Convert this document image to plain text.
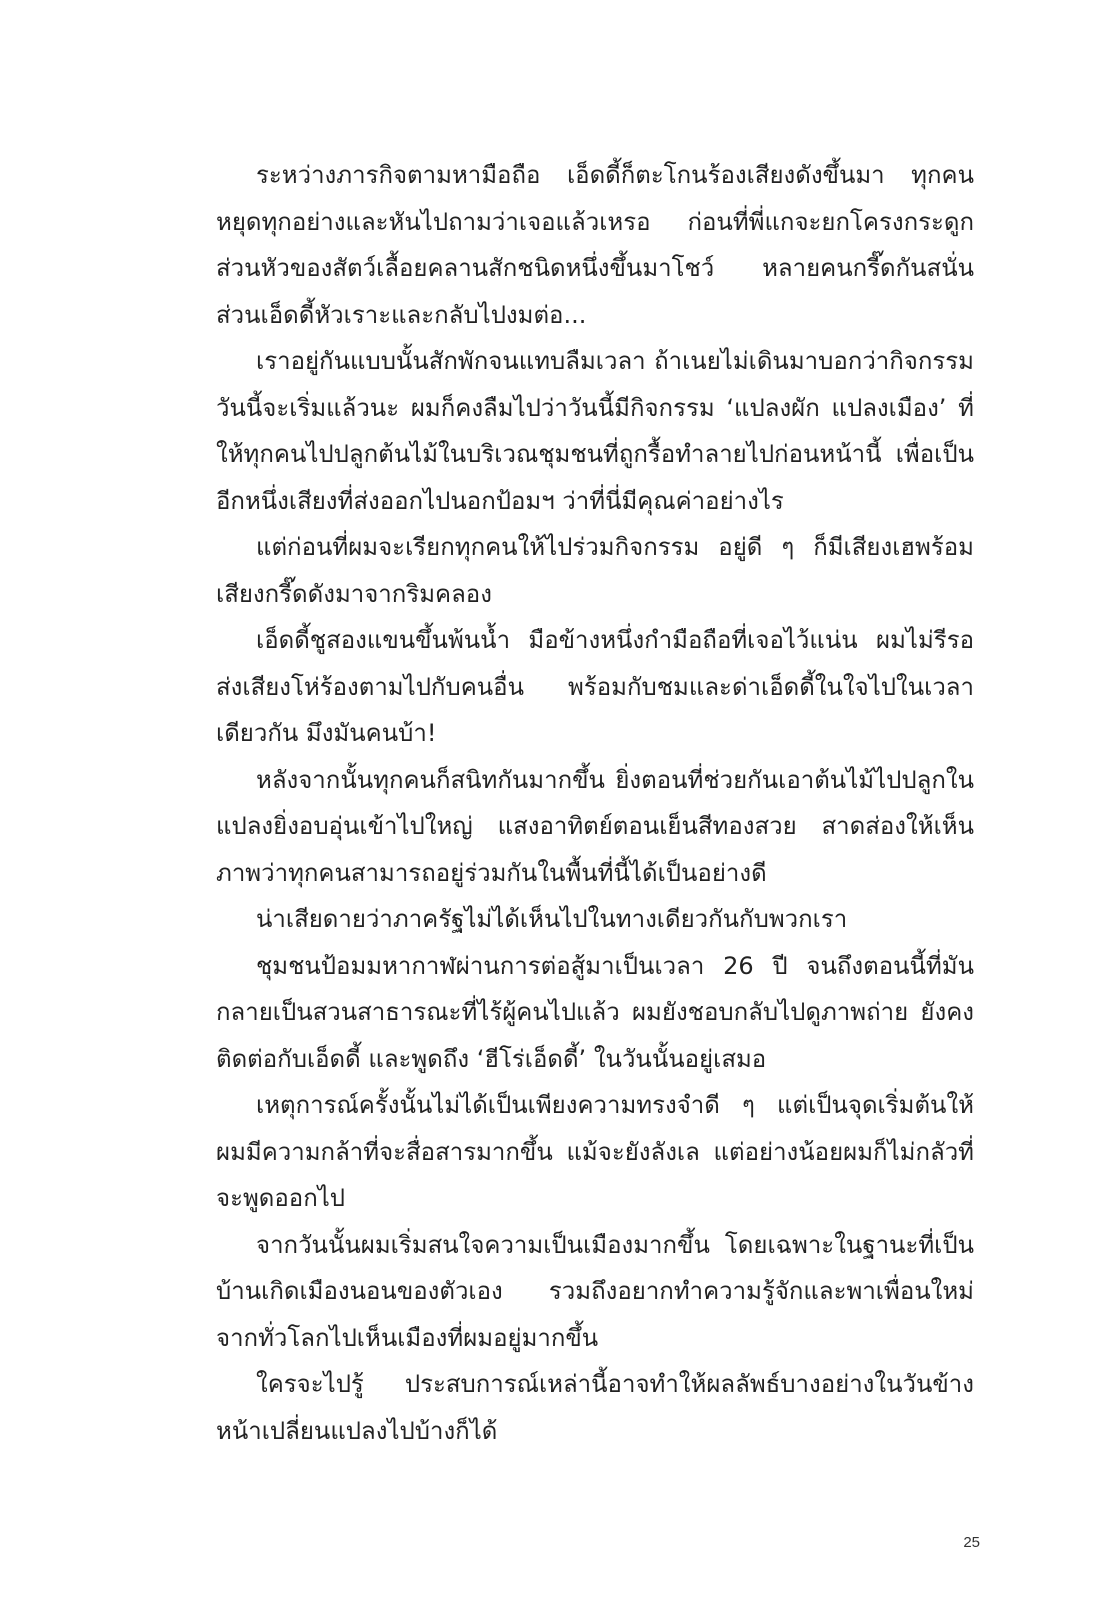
ระหว่างภารกิจตามหามือถือ เอ็ดดี้ก็ตะโกนร้องเสียงดังขึ้นมา ทุกคนหยุดทุกอย่างและหันไปถามว่าเจอแล้วเหรอ ก่อนที่พี่แกจะยกโครงกระดูกส่วนหัวของสัตว์เลื้อยคลานสักชนิดหนึ่งขึ้นมาโชว์ หลายคนกรี๊ดกันสนั่น ส่วนเอ็ดดี้หัวเราะและกลับไปงมต่อ...

เราอยู่กันแบบนั้นสักพักจนแทบลืมเวลา ถ้าเนยไม่เดินมาบอกว่ากิจกรรมวันนี้จะเริ่มแล้วนะ ผมก็คงลืมไปว่าวันนี้มีกิจกรรม ‘แปลงผัก แปลงเมือง’ ที่ให้ทุกคนไปปลูกต้นไม้ในบริเวณชุมชนที่ถูกรื้อทำลายไปก่อนหน้านี้ เพื่อเป็นอีกหนึ่งเสียงที่ส่งออกไปนอกป้อมฯ ว่าที่นี่มีคุณค่าอย่างไร

แต่ก่อนที่ผมจะเรียกทุกคนให้ไปร่วมกิจกรรม อยู่ดี ๆ ก็มีเสียงเฮพร้อมเสียงกรี๊ดดังมาจากริมคลอง

เอ็ดดี้ชูสองแขนขึ้นพ้นน้ำ มือข้างหนึ่งกำมือถือที่เจอไว้แน่น ผมไม่รีรอส่งเสียงโห่ร้องตามไปกับคนอื่น พร้อมกับชมและด่าเอ็ดดี้ในใจไปในเวลาเดียวกัน มึงมันคนบ้า!

หลังจากนั้นทุกคนก็สนิทกันมากขึ้น ยิ่งตอนที่ช่วยกันเอาต้นไม้ไปปลูกในแปลงยิ่งอบอุ่นเข้าไปใหญ่ แสงอาทิตย์ตอนเย็นสีทองสวย สาดส่องให้เห็นภาพว่าทุกคนสามารถอยู่ร่วมกันในพื้นที่นี้ได้เป็นอย่างดี

น่าเสียดายว่าภาครัฐไม่ได้เห็นไปในทางเดียวกันกับพวกเรา

ชุมชนป้อมมหากาฬผ่านการต่อสู้มาเป็นเวลา 26 ปี จนถึงตอนนี้ที่มันกลายเป็นสวนสาธารณะที่ไร้ผู้คนไปแล้ว ผมยังชอบกลับไปดูภาพถ่าย ยังคงติดต่อกับเอ็ดดี้ และพูดถึง ‘ฮีโร่เอ็ดดี้’ ในวันนั้นอยู่เสมอ

เหตุการณ์ครั้งนั้นไม่ได้เป็นเพียงความทรงจำดี ๆ แต่เป็นจุดเริ่มต้นให้ผมมีความกล้าที่จะสื่อสารมากขึ้น แม้จะยังลังเล แต่อย่างน้อยผมก็ไม่กลัวที่จะพูดออกไป

จากวันนั้นผมเริ่มสนใจความเป็นเมืองมากขึ้น โดยเฉพาะในฐานะที่เป็นบ้านเกิดเมืองนอนของตัวเอง รวมถึงอยากทำความรู้จักและพาเพื่อนใหม่จากทั่วโลกไปเห็นเมืองที่ผมอยู่มากขึ้น

ใครจะไปรู้ ประสบการณ์เหล่านี้อาจทำให้ผลลัพธ์บางอย่างในวันข้างหน้าเปลี่ยนแปลงไปบ้างก็ได้

25
